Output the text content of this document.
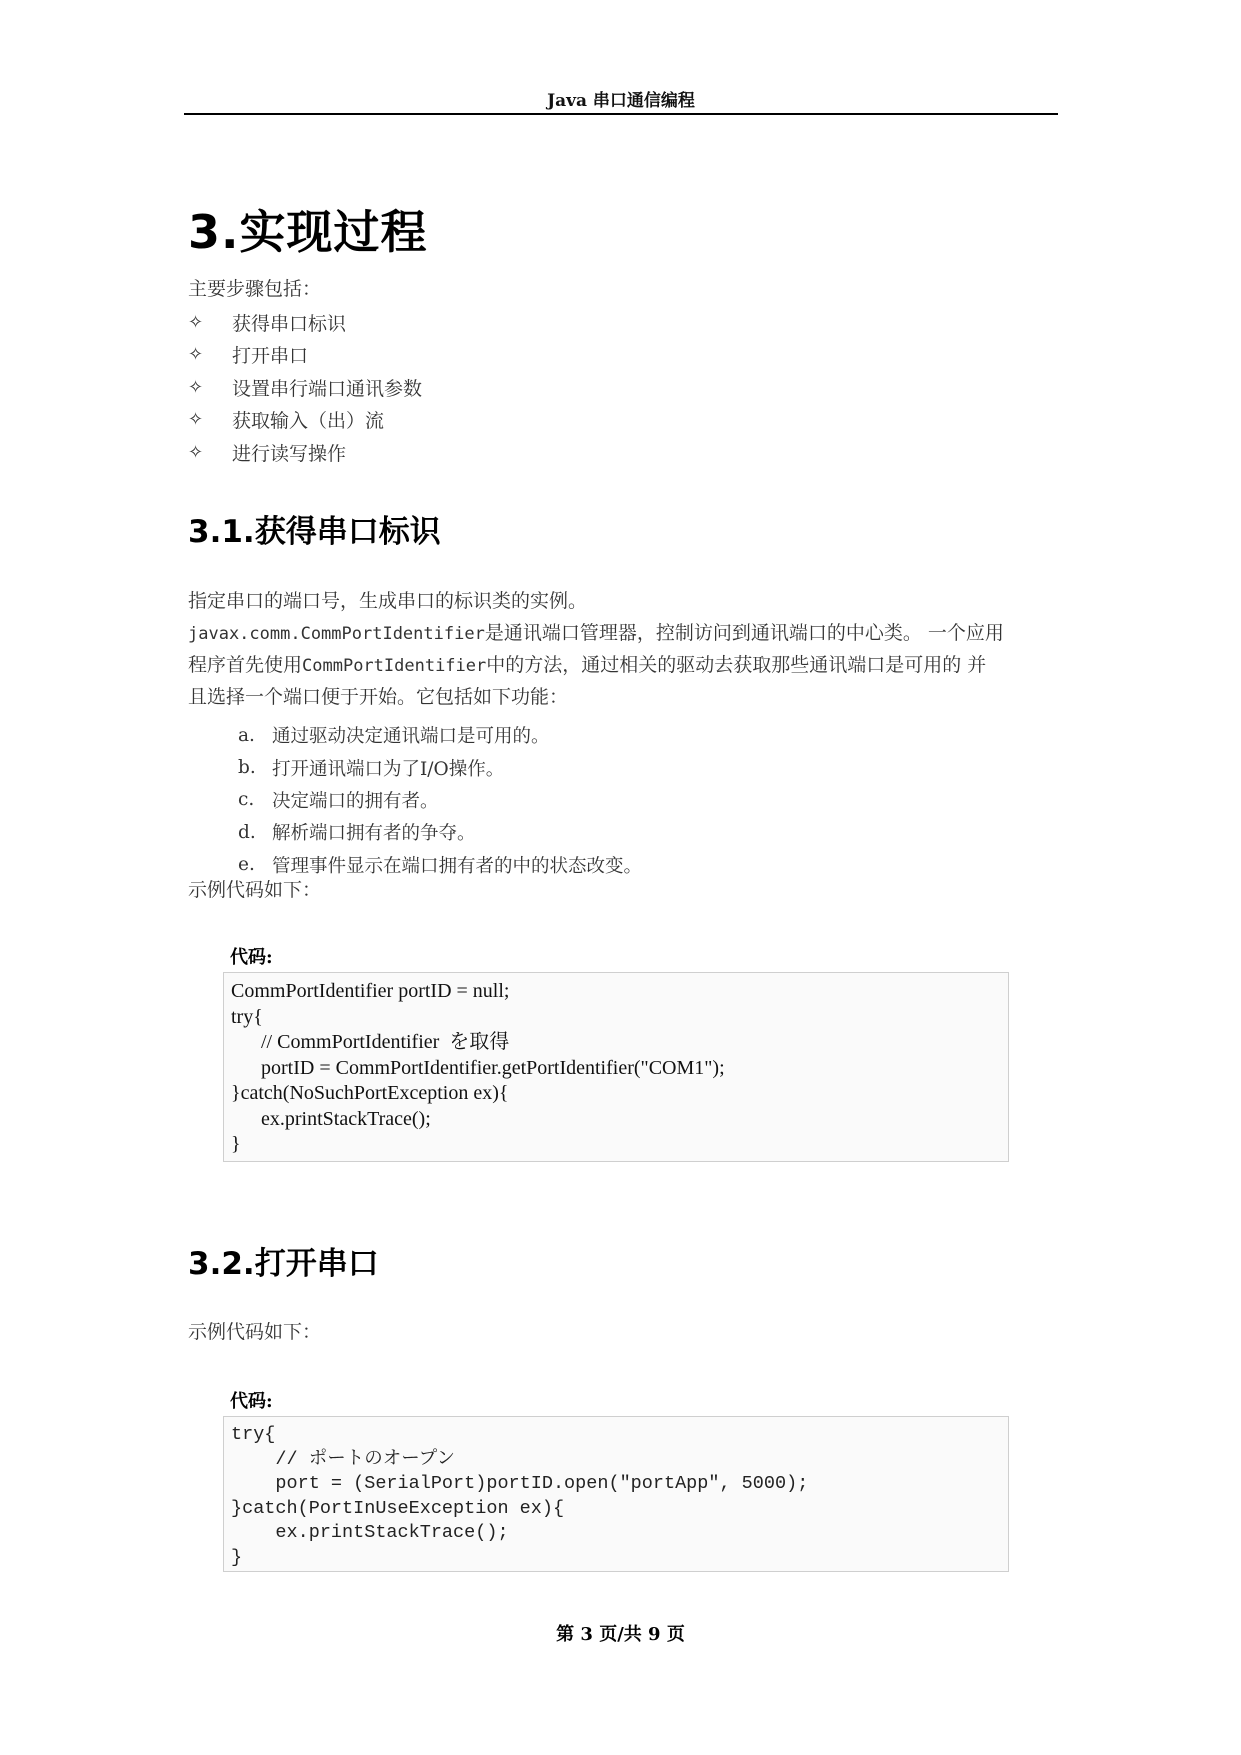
Java 串口通信编程
3.实现过程
主要步骤包括：
✧	获得串口标识
✧	打开串口
✧	设置串行端口通讯参数
✧	获取输入（出）流
✧	进行读写操作
3.1.获得串口标识
指定串口的端口号，生成串口的标识类的实例。
javax.comm.CommPortIdentifier是通讯端口管理器，控制访问到通讯端口的中心类。 一个应用
程序首先使用CommPortIdentifier中的方法，通过相关的驱动去获取那些通讯端口是可用的 并
且选择一个端口便于开始。它包括如下功能：
a. 通过驱动决定通讯端口是可用的。
b. 打开通讯端口为了I/O操作。
c. 决定端口的拥有者。
d. 解析端口拥有者的争夺。
e. 管理事件显示在端口拥有者的中的状态改变。
示例代码如下：
代码:
CommPortIdentifier portID = null;
try{
// CommPortIdentifier  を取得
portID = CommPortIdentifier.getPortIdentifier("COM1");
}catch(NoSuchPortException ex){
ex.printStackTrace();
}
3.2.打开串口
示例代码如下：
代码:
try{
// ポートのオープン
port = (SerialPort)portID.open("portApp", 5000);
}catch(PortInUseException ex){
ex.printStackTrace();
}
第 3 页/共 9 页
